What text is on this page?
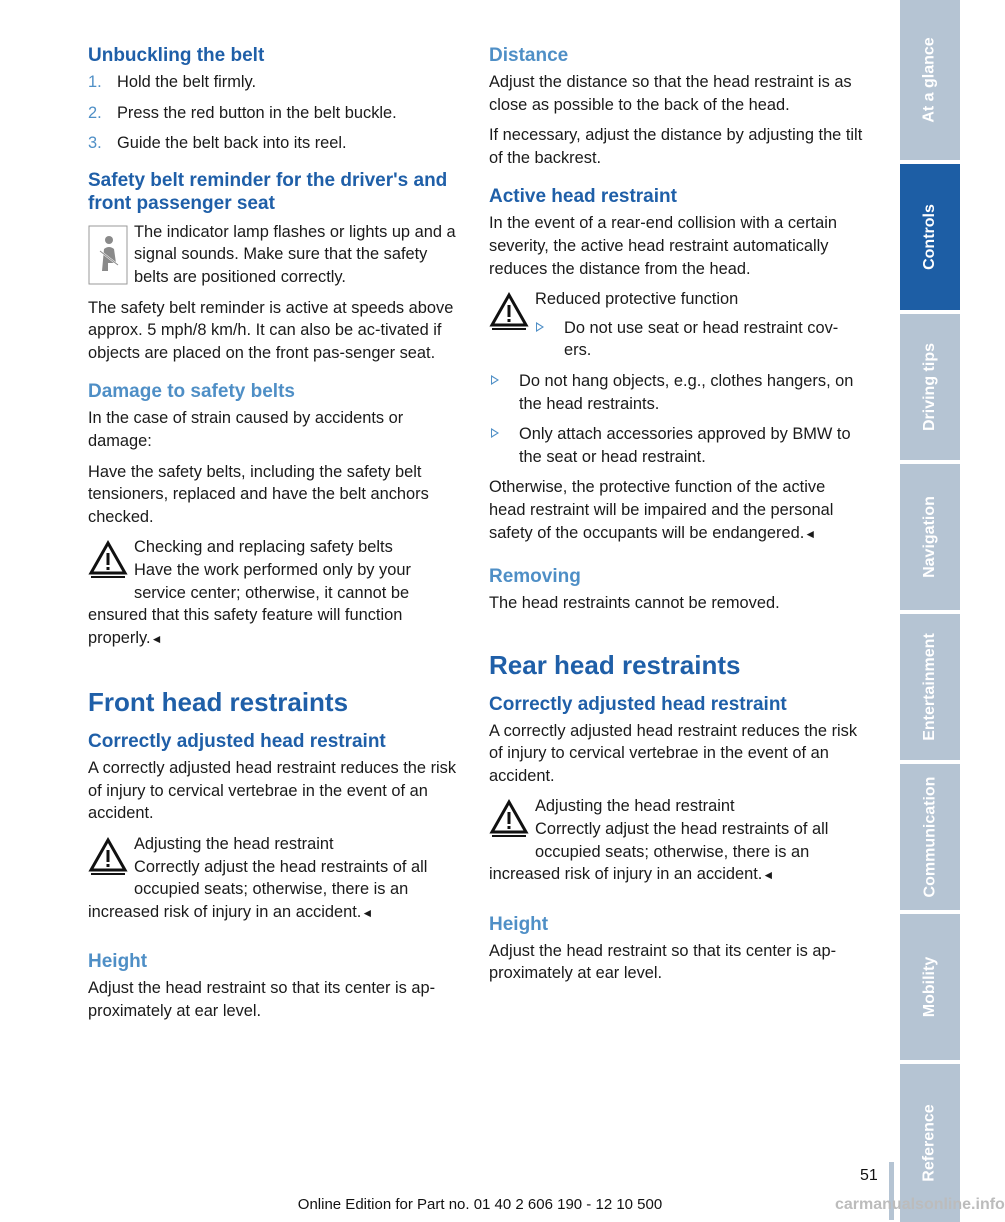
Unbuckling the belt
1. Hold the belt firmly.
2. Press the red button in the belt buckle.
3. Guide the belt back into its reel.
Safety belt reminder for the driver's and front passenger seat
The indicator lamp flashes or lights up and a signal sounds. Make sure that the safety belts are positioned correctly.

The safety belt reminder is active at speeds above approx. 5 mph/8 km/h. It can also be ac-tivated if objects are placed on the front pas-senger seat.

Damage to safety belts

In the case of strain caused by accidents or damage:

Have the safety belts, including the safety belt tensioners, replaced and have the belt anchors checked.

Checking and replacing safety belts
Have the work performed only by your service center; otherwise, it cannot be ensured that this safety feature will function properly.◄
Front head restraints
Correctly adjusted head restraint

A correctly adjusted head restraint reduces the risk of injury to cervical vertebrae in the event of an accident.

Adjusting the head restraint
Correctly adjust the head restraints of all occupied seats; otherwise, there is an increased risk of injury in an accident.◄
Height

Adjust the head restraint so that its center is ap-proximately at ear level.

Distance

Adjust the distance so that the head restraint is as close as possible to the back of the head.

If necessary, adjust the distance by adjusting the tilt of the backrest.

Active head restraint

In the event of a rear-end collision with a certain severity, the active head restraint automatically reduces the distance from the head.

Reduced protective function
Do not use seat or head restraint cov-ers.
Do not hang objects, e.g., clothes hangers, on the head restraints.
Only attach accessories approved by BMW to the seat or head restraint.

Otherwise, the protective function of the active head restraint will be impaired and the personal safety of the occupants will be endangered.◄

Removing

The head restraints cannot be removed.

Rear head restraints
Correctly adjusted head restraint

A correctly adjusted head restraint reduces the risk of injury to cervical vertebrae in the event of an accident.

Adjusting the head restraint
Correctly adjust the head restraints of all occupied seats; otherwise, there is an increased risk of injury in an accident.◄
Height

Adjust the head restraint so that its center is ap-proximately at ear level.

At a glance
Controls
Driving tips
Navigation
Entertainment
Communication
Mobility
Reference
51
Online Edition for Part no. 01 40 2 606 190 - 12 10 500	carmanualsonline.info
